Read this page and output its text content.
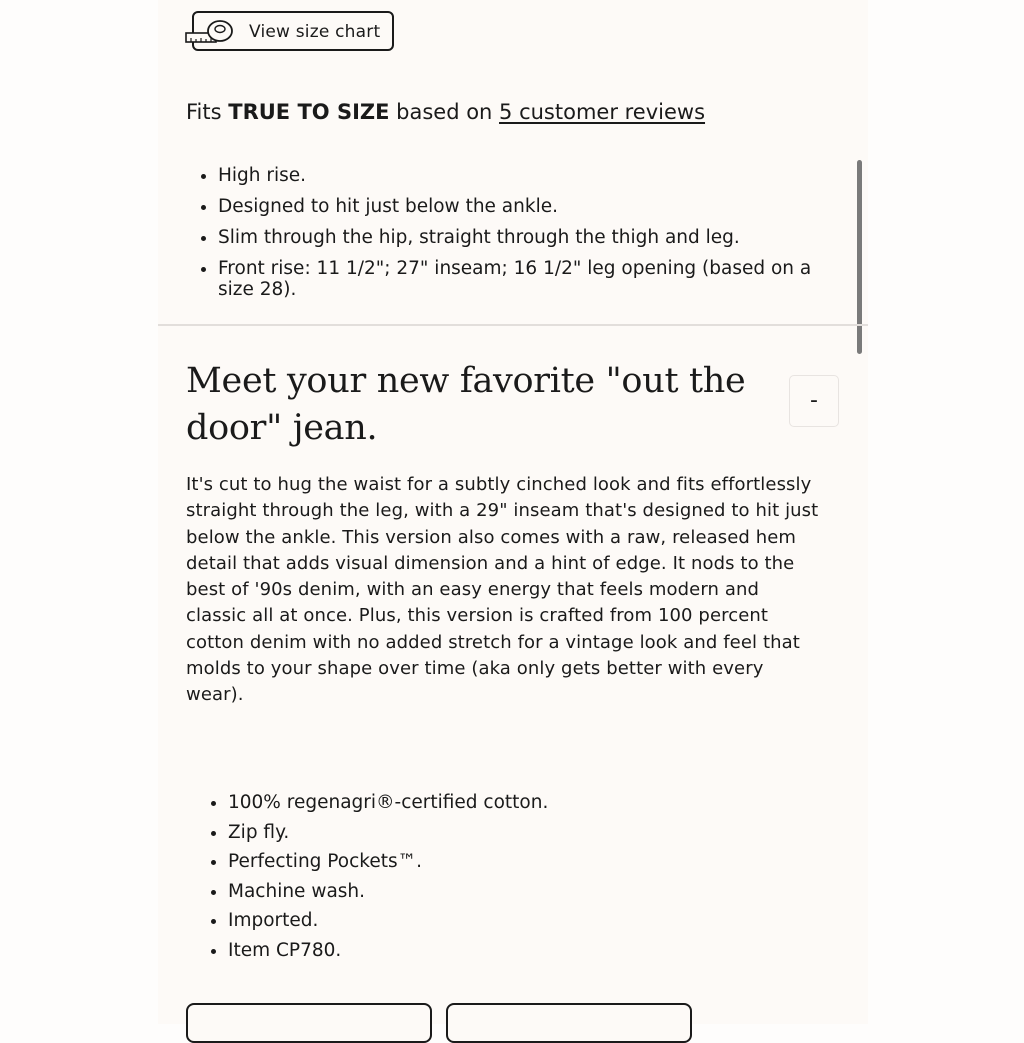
View size chart
Fits TRUE TO SIZE based on 5 customer reviews
• High rise.
• Designed to hit just below the ankle.
• Slim through the hip, straight through the thigh and leg.
• Front rise: 11 1/2"; 27" inseam; 16 1/2" leg opening (based on a size 28).
Meet your new favorite "out the door" jean.
-

It's cut to hug the waist for a subtly cinched look and fits effortlessly straight through the leg, with a 29" inseam that's designed to hit just below the ankle. This version also comes with a raw, released hem detail that adds visual dimension and a hint of edge. It nods to the best of '90s denim, with an easy energy that feels modern and classic all at once. Plus, this version is crafted from 100 percent cotton denim with no added stretch for a vintage look and feel that molds to your shape over time (aka only gets better with every wear).

• 100% regenagri®-certified cotton.
• Zip fly.
• Perfecting Pockets™.
• Machine wash.
• Imported.
• Item CP780.
